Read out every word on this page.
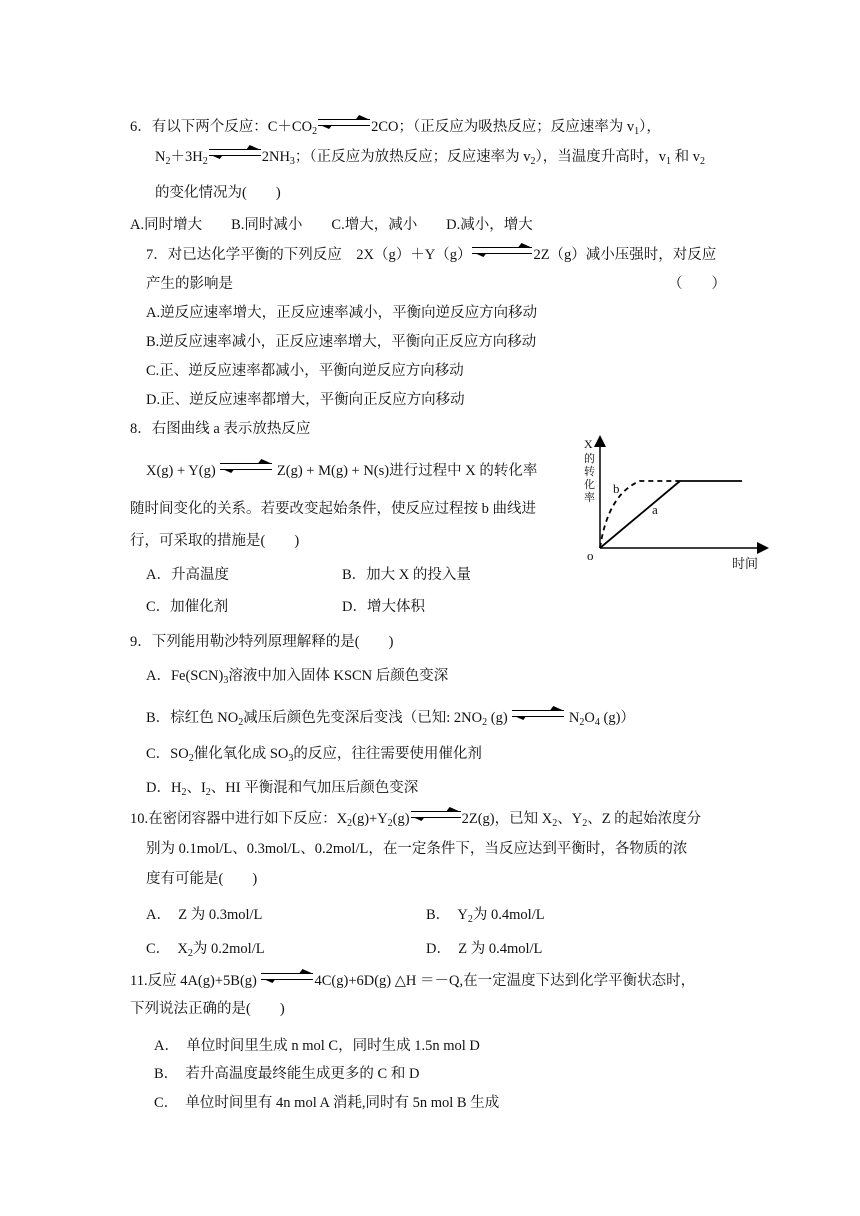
6．有以下两个反应：$C+CO_2$ ⇌2CO；（正反应为吸热反应；反应速率为 $v_1$），
$N_2+3H_2$ $\rightleftharpoons 2NH_3$；（正反应为放热反应；反应速率为 $v_2$），当温度升高时，$v_1$ 和 $v_2$
的变化情况为(　　)
A.同时增大　　B.同时减小　　C.增大，减小　　D.减小，增大
7．对已达化学平衡的下列反应　2X（g）＋Y（g）	2Z（g）减小压强时，对反应
产生的影响是	（　　）
A.逆反应速率增大，正反应速率减小，平衡向逆反应方向移动
B.逆反应速率减小，正反应速率增大，平衡向正反应方向移动
C.正、逆反应速率都减小，平衡向逆反应方向移动
D.正、逆反应速率都增大，平衡向正反应方向移动
8．右图曲线 a 表示放热反应
X(g) + Y(g) ⇌ Z(g) + M(g) + N(s)进行过程中 X 的转化率
随时间变化的关系。若要改变起始条件，使反应过程按 b 曲线进
行，可采取的措施是(　　)
A．升高温度	B．加大 X 的投入量
C．加催化剂	D．增大体积
X
的
转
化
率
o
时间
b
a
9．下列能用勒沙特列原理解释的是(　　)
A．$Fe(SCN)_3$溶液中加入固体 KSCN 后颜色变深
B．棕红色 $NO_2$减压后颜色先变深后变浅（已知: $2NO_2$ (g) ⇌ $N_2O_4$ (g)）
C．$SO_2$催化氧化成 $SO_3$的反应，往往需要使用催化剂
D．$H_2$、$I_2$、HI 平衡混和气加压后颜色变深
10.在密闭容器中进行如下反应：$X_2(g)+Y_2(g)\rightleftharpoons 2Z(g)$，已知 $X_2$、$Y_2$、Z 的起始浓度分
别为 0.1mol/L、0.3mol/L、0.2mol/L，在一定条件下，当反应达到平衡时，各物质的浓
度有可能是(　　)
A．　Z 为 0.3mol/L	B．　$Y_2$为 0.4mol/L
C．　$X_2$为 0.2mol/L	D．　Z 为 0.4mol/L
11.反应 4A(g)+5B(g) ⇌4C(g)+6D(g) △H ＝－Q,在一定温度下达到化学平衡状态时，
下列说法正确的是(　　)
A．　单位时间里生成 n mol C，同时生成 1.5n mol D
B．　若升高温度最终能生成更多的 C 和 D
C．　单位时间里有 4n mol A 消耗,同时有 5n mol B 生成
